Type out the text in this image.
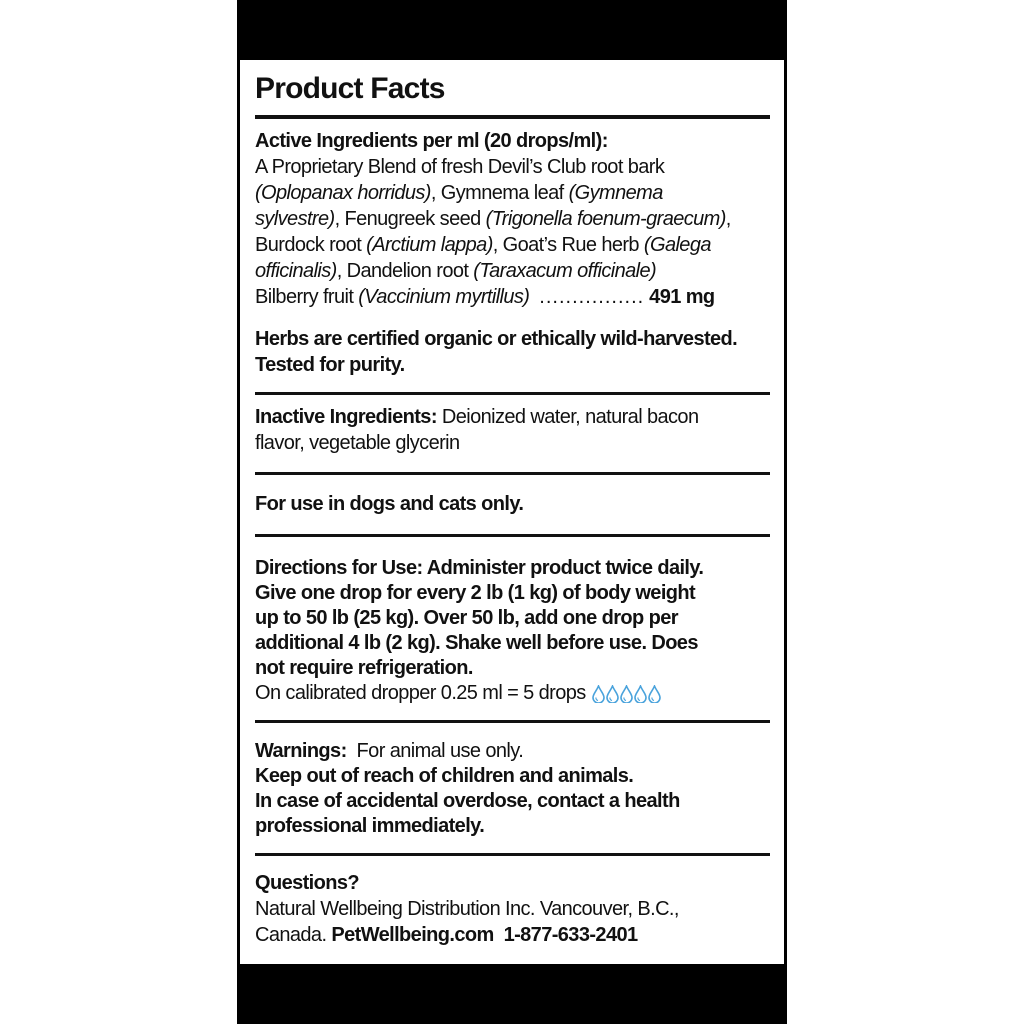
Product Facts
Active Ingredients per ml (20 drops/ml):
A Proprietary Blend of fresh Devil’s Club root bark
(Oplopanax horridus), Gymnema leaf (Gymnema
sylvestre), Fenugreek seed (Trigonella foenum-graecum),
Burdock root (Arctium lappa), Goat’s Rue herb (Galega
officinalis), Dandelion root (Taraxacum officinale)
Bilberry fruit (Vaccinium myrtillus) ................ 491 mg
Herbs are certified organic or ethically wild-harvested.
Tested for purity.
Inactive Ingredients: Deionized water, natural bacon
flavor, vegetable glycerin
For use in dogs and cats only.
Directions for Use: Administer product twice daily.
Give one drop for every 2 lb (1 kg) of body weight
up to 50 lb (25 kg). Over 50 lb, add one drop per
additional 4 lb (2 kg). Shake well before use. Does
not require refrigeration.
On calibrated dropper 0.25 ml = 5 drops
Warnings:  For animal use only.
Keep out of reach of children and animals.
In case of accidental overdose, contact a health
professional immediately.
Questions?
Natural Wellbeing Distribution Inc. Vancouver, B.C.,
Canada. PetWellbeing.com  1-877-633-2401
